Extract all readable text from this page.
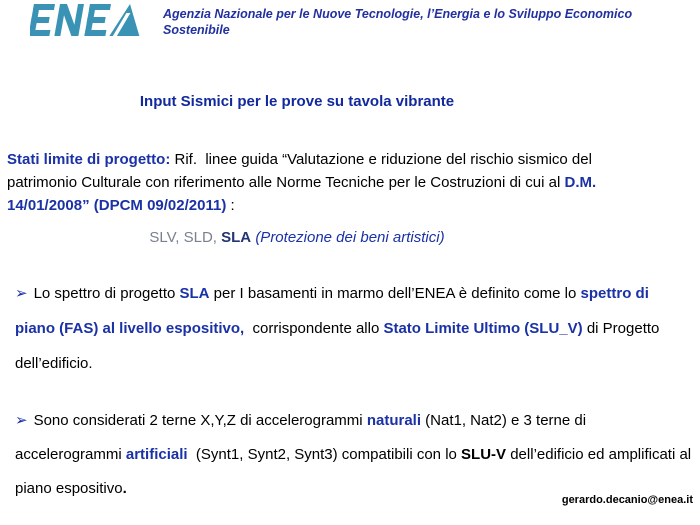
Agenzia Nazionale per le Nuove Tecnologie, l’Energia e lo Sviluppo Economico Sostenibile
Input Sismici per le prove su tavola vibrante

Stati limite di progetto: Rif.  linee guida “Valutazione e riduzione del rischio sismico del patrimonio Culturale con riferimento alle Norme Tecniche per le Costruzioni di cui al D.M. 14/01/2008” (DPCM 09/02/2011) :

SLV, SLD, SLA (Protezione dei beni artistici)

➢ Lo spettro di progetto SLA per I basamenti in marmo dell’ENEA è definito come lo spettro di piano (FAS) al livello espositivo,  corrispondente allo Stato Limite Ultimo (SLU_V) di Progetto dell’edificio.

➢ Sono considerati 2 terne X,Y,Z di accelerogrammi naturali (Nat1, Nat2) e 3 terne di accelerogrammi artificiali  (Synt1, Synt2, Synt3) compatibili con lo SLU-V dell’edificio ed amplificati al piano espositivo.

gerardo.decanio@enea.it
